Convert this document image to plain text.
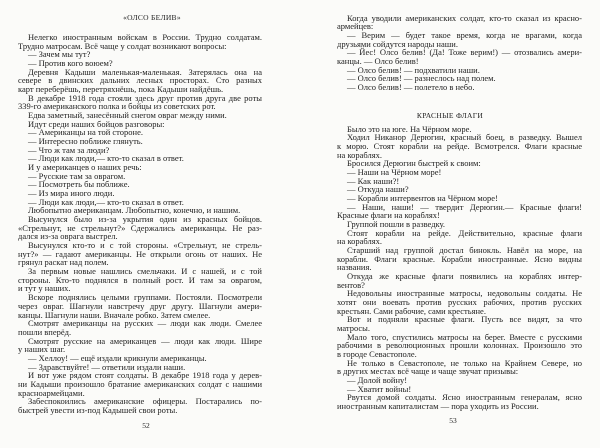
«ОЛСО БЕЛИВ»
Нелегко иностранным войскам в России. Трудно солдатам.
Трудно матросам. Всё чаще у солдат возникают вопросы:
— Зачем мы тут?
— Против кого воюем?
Деревня Кадыши маленькая-маленькая. Затерялась она на
севере в двинских дальних лесных просторах. Сто разных
карт переберёшь, перетряхнёшь, пока Кадыши найдёшь.
В декабре 1918 года стояли здесь друг против друга две роты
339-го американского полка и бойцы из советских рот.
Едва заметный, занесённый снегом овраг между ними.
Идут среди наших бойцов разговоры:
— Американцы на той стороне.
— Интересно поближе глянуть.
— Что ж там за люди?
— Люди как люди,— кто-то сказал в ответ.
И у американцев о наших речь:
— Русские там за оврагом.
— Посмотреть бы поближе.
— Из мира иного люди.
— Люди как люди,— кто-то сказал в ответ.
Любопытно американцам. Любопытно, конечно, и нашим.
Высунулся было из-за укрытия один из красных бойцов.
«Стрельнут, не стрельнут?» Сдержались американцы. Не раз-
дался из-за оврага выстрел.
Высунулся кто-то и с той стороны. «Стрельнут, не стрель-
нут?» — гадают американцы. Не открыли огонь от наших. Не
грянул раскат над полем.
За первым новые нашлись смельчаки. И с нашей, и с той
стороны. Кто-то поднялся в полный рост. И там за оврагом,
и тут у наших.
Вскоре поднялись целыми группами. Постояли. Посмотрели
через овраг. Шагнули навстречу друг другу. Шагнули амери-
канцы. Шагнули наши. Вначале робко. Затем смелее.
Смотрят американцы на русских — люди как люди. Смелее
пошли вперёд.
Смотрят русские на американцев — люди как люди. Шире
у наших шаг.
— Хеллоу! — ещё издали крикнули американцы.
— Здравствуйте! — ответили издали наши.
И вот уже рядом стоят солдаты. В декабре 1918 года у дерев-
ни Кадыши произошло братание американских солдат с нашими
красноармейцами.
Забеспокоились американские офицеры. Постарались по-
быстрей увести из-под Кадышей свои роты.
52
Когда уводили американских солдат, кто-то сказал из красно-
армейцев:
— Верим — будет такое время, когда не врагами, когда
друзьями сойдутся народы наши.
— Йес! Олсо белив! (Да! Тоже верим!) — отозвались амери-
канцы. — Олсо белив!
— Олсо белив! — подхватили наши.
— Олсо белив! — разнеслось над полем.
— Олсо белив! — полетело в небо.
КРАСНЫЕ ФЛАГИ
Было это на юге. На Чёрном море.
Ходил Никанор Дерюгин, красный боец, в разведку. Вышел
к морю. Стоят корабли на рейде. Всмотрелся. Флаги красные
на кораблях.
Бросился Дерюгин быстрей к своим:
— Наши на Чёрном море!
— Как наши?!
— Откуда наши?
— Корабли интервентов на Чёрном море!
— Наши, наши! — твердит Дерюгин.— Красные флаги!
Красные флаги на кораблях!
Группой пошли в разведку.
Стоят корабли на рейде. Действительно, красные флаги
на кораблях.
Старший над группой достал бинокль. Навёл на море, на
корабли. Флаги красные. Корабли иностранные. Ясно видны
названия.
Откуда же красные флаги появились на кораблях интер-
вентов?
Недовольны иностранные матросы, недовольны солдаты. Не
хотят они воевать против русских рабочих, против русских
крестьян. Сами рабочие, сами крестьяне.
Вот и подняли красные флаги. Пусть все видят, за что
матросы.
Мало того, спустились матросы на берег. Вместе с русскими
рабочими в революционных прошли колоннах. Произошло это
в городе Севастополе.
Не только в Севастополе, не только на Крайнем Севере, но
в других местах всё чаще и чаще звучат призывы:
— Долой войну!
— Хватит войны!
Рвутся домой солдаты. Ясно иностранным генералам, ясно
иностранным капиталистам — пора уходить из России.
53
